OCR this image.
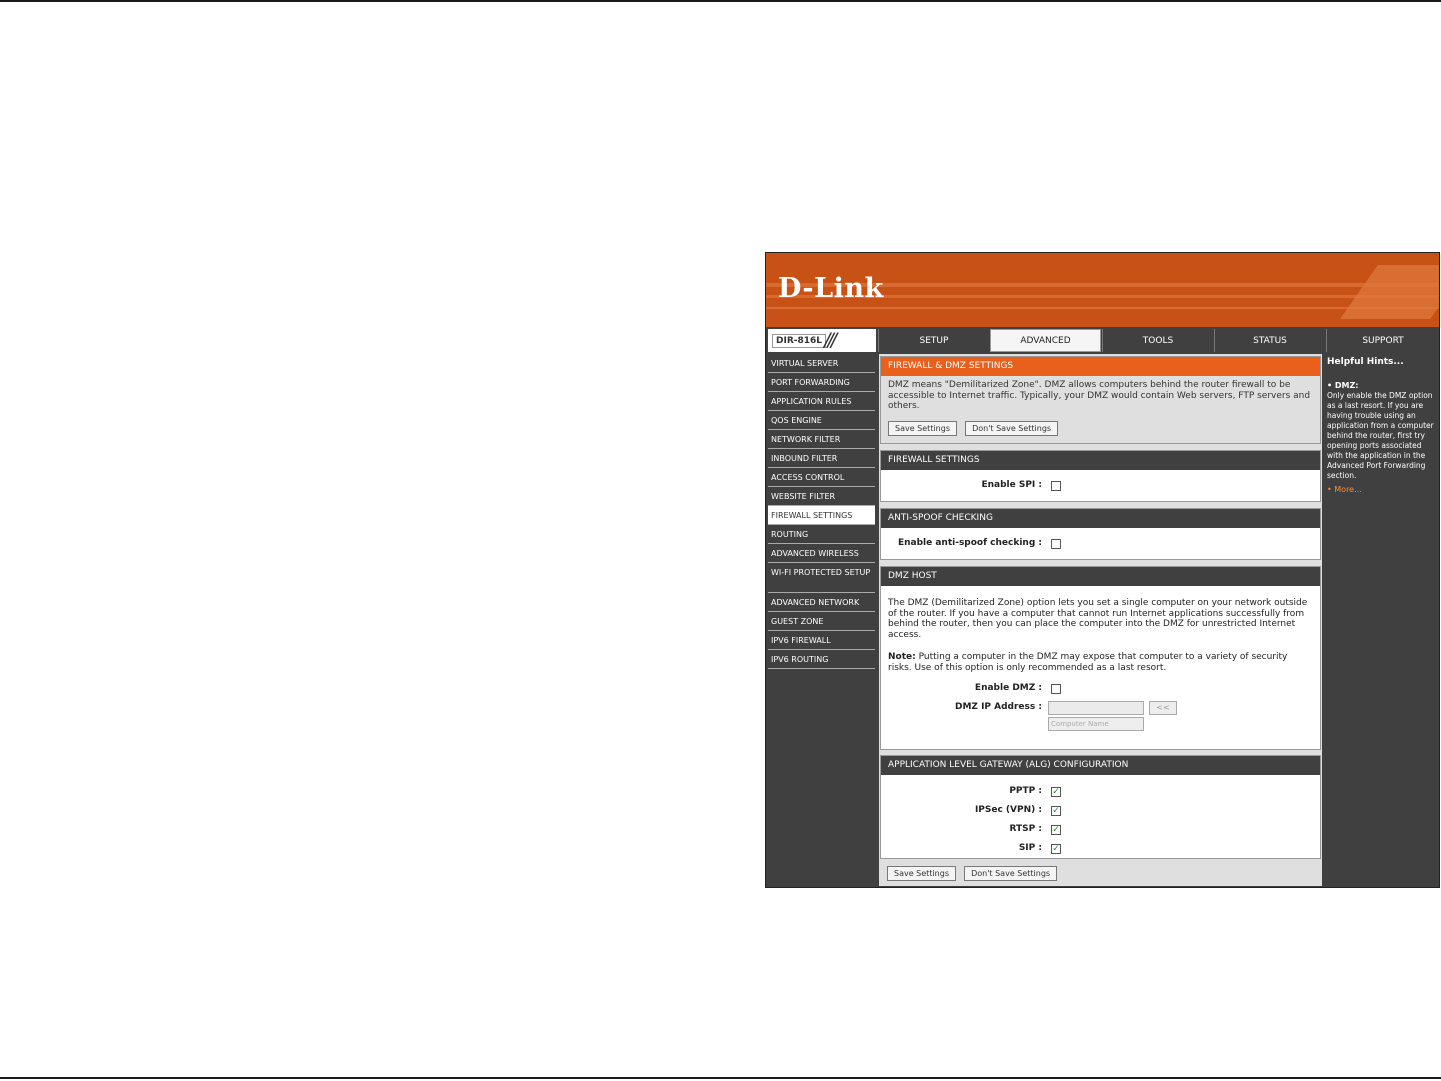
D-Link
DIR-816L ///	SETUP	ADVANCED	TOOLS	STATUS	SUPPORT
VIRTUAL SERVER
PORT FORWARDING
APPLICATION RULES
QOS ENGINE
NETWORK FILTER
INBOUND FILTER
ACCESS CONTROL
WEBSITE FILTER
FIREWALL SETTINGS
ROUTING
ADVANCED WIRELESS
WI-FI PROTECTED SETUP
ADVANCED NETWORK
GUEST ZONE
IPV6 FIREWALL
IPV6 ROUTING
FIREWALL & DMZ SETTINGS
DMZ means "Demilitarized Zone". DMZ allows computers behind the router firewall to be accessible to Internet traffic. Typically, your DMZ would contain Web servers, FTP servers and others.
Save Settings	Don't Save Settings
FIREWALL SETTINGS
Enable SPI :
ANTI-SPOOF CHECKING
Enable anti-spoof checking :
DMZ HOST
The DMZ (Demilitarized Zone) option lets you set a single computer on your network outside of the router. If you have a computer that cannot run Internet applications successfully from behind the router, then you can place the computer into the DMZ for unrestricted Internet access.
Note: Putting a computer in the DMZ may expose that computer to a variety of security risks. Use of this option is only recommended as a last resort.
Enable DMZ :
DMZ IP Address :	<<
Computer Name
APPLICATION LEVEL GATEWAY (ALG) CONFIGURATION
PPTP : ✓
IPSec (VPN) : ✓
RTSP : ✓
SIP : ✓
Save Settings	Don't Save Settings
Helpful Hints...
• DMZ:
Only enable the DMZ option as a last resort. If you are having trouble using an application from a computer behind the router, first try opening ports associated with the application in the Advanced Port Forwarding section.
• More...
